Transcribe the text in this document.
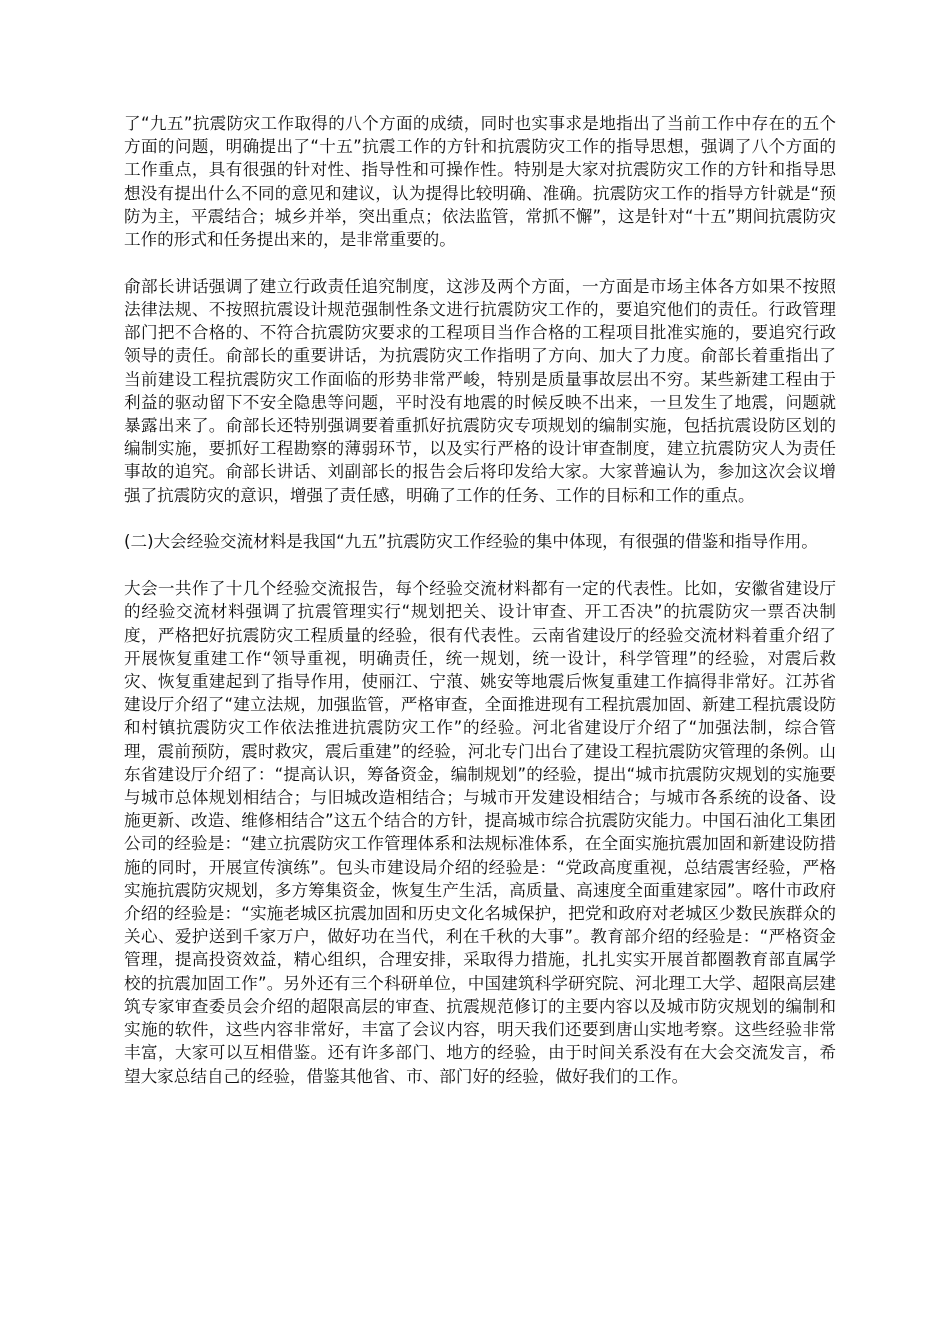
了“九五”抗震防灾工作取得的八个方面的成绩，同时也实事求是地指出了当前工作中存在的五个方面的问题，明确提出了“十五”抗震工作的方针和抗震防灾工作的指导思想，强调了八个方面的工作重点，具有很强的针对性、指导性和可操作性。特别是大家对抗震防灾工作的方针和指导思想没有提出什么不同的意见和建议，认为提得比较明确、准确。抗震防灾工作的指导方针就是“预防为主，平震结合；城乡并举，突出重点；依法监管，常抓不懈”，这是针对“十五”期间抗震防灾工作的形式和任务提出来的，是非常重要的。

俞部长讲话强调了建立行政责任追究制度，这涉及两个方面，一方面是市场主体各方如果不按照法律法规、不按照抗震设计规范强制性条文进行抗震防灾工作的，要追究他们的责任。行政管理部门把不合格的、不符合抗震防灾要求的工程项目当作合格的工程项目批准实施的，要追究行政领导的责任。俞部长的重要讲话，为抗震防灾工作指明了方向、加大了力度。俞部长着重指出了当前建设工程抗震防灾工作面临的形势非常严峻，特别是质量事故层出不穷。某些新建工程由于利益的驱动留下不安全隐患等问题，平时没有地震的时候反映不出来，一旦发生了地震，问题就暴露出来了。俞部长还特别强调要着重抓好抗震防灾专项规划的编制实施，包括抗震设防区划的编制实施，要抓好工程勘察的薄弱环节，以及实行严格的设计审查制度，建立抗震防灾人为责任事故的追究。俞部长讲话、刘副部长的报告会后将印发给大家。大家普遍认为，参加这次会议增强了抗震防灾的意识，增强了责任感，明确了工作的任务、工作的目标和工作的重点。

(二)大会经验交流材料是我国“九五”抗震防灾工作经验的集中体现，有很强的借鉴和指导作用。

大会一共作了十几个经验交流报告，每个经验交流材料都有一定的代表性。比如，安徽省建设厅的经验交流材料强调了抗震管理实行“规划把关、设计审查、开工否决”的抗震防灾一票否决制度，严格把好抗震防灾工程质量的经验，很有代表性。云南省建设厅的经验交流材料着重介绍了开展恢复重建工作“领导重视，明确责任，统一规划，统一设计，科学管理”的经验，对震后救灾、恢复重建起到了指导作用，使丽江、宁蒗、姚安等地震后恢复重建工作搞得非常好。江苏省建设厅介绍了“建立法规，加强监管，严格审查，全面推进现有工程抗震加固、新建工程抗震设防和村镇抗震防灾工作依法推进抗震防灾工作”的经验。河北省建设厅介绍了“加强法制，综合管理，震前预防，震时救灾，震后重建”的经验，河北专门出台了建设工程抗震防灾管理的条例。山东省建设厅介绍了：“提高认识，筹备资金，编制规划”的经验，提出“城市抗震防灾规划的实施要与城市总体规划相结合；与旧城改造相结合；与城市开发建设相结合；与城市各系统的设备、设施更新、改造、维修相结合”这五个结合的方针，提高城市综合抗震防灾能力。中国石油化工集团公司的经验是：“建立抗震防灾工作管理体系和法规标准体系，在全面实施抗震加固和新建设防措施的同时，开展宣传演练”。包头市建设局介绍的经验是：“党政高度重视，总结震害经验，严格实施抗震防灾规划，多方筹集资金，恢复生产生活，高质量、高速度全面重建家园”。喀什市政府介绍的经验是：“实施老城区抗震加固和历史文化名城保护，把党和政府对老城区少数民族群众的关心、爱护送到千家万户，做好功在当代，利在千秋的大事”。教育部介绍的经验是：“严格资金管理，提高投资效益，精心组织，合理安排，采取得力措施，扎扎实实开展首都圈教育部直属学校的抗震加固工作”。另外还有三个科研单位，中国建筑科学研究院、河北理工大学、超限高层建筑专家审查委员会介绍的超限高层的审查、抗震规范修订的主要内容以及城市防灾规划的编制和实施的软件，这些内容非常好，丰富了会议内容，明天我们还要到唐山实地考察。这些经验非常丰富，大家可以互相借鉴。还有许多部门、地方的经验，由于时间关系没有在大会交流发言，希望大家总结自己的经验，借鉴其他省、市、部门好的经验，做好我们的工作。
